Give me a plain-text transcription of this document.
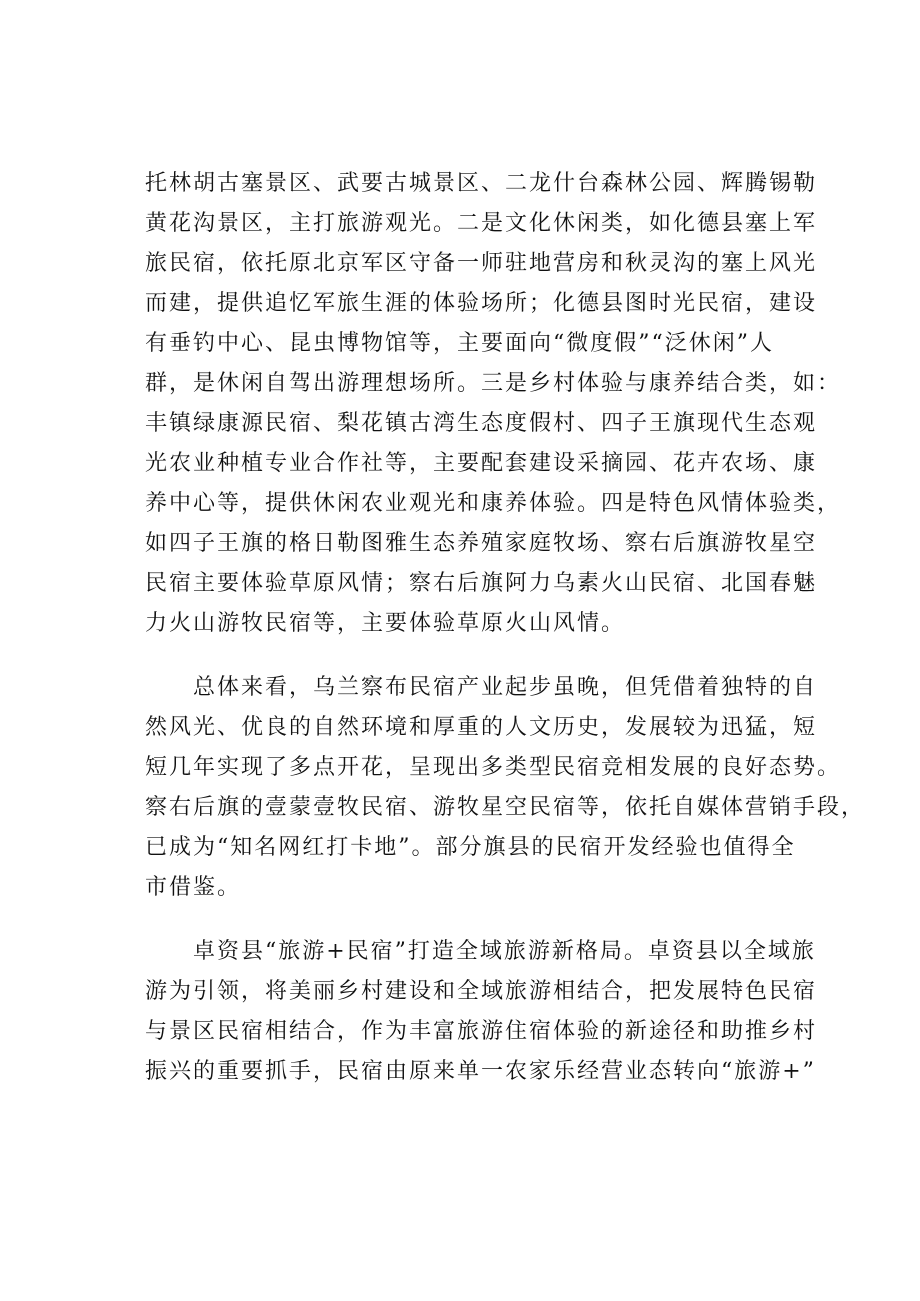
托林胡古塞景区、武要古城景区、二龙什台森林公园、辉腾锡勒
黄花沟景区，主打旅游观光。二是文化休闲类，如化德县塞上军
旅民宿，依托原北京军区守备一师驻地营房和秋灵沟的塞上风光
而建，提供追忆军旅生涯的体验场所；化德县图时光民宿，建设
有垂钓中心、昆虫博物馆等，主要面向“微度假”“泛休闲”人
群，是休闲自驾出游理想场所。三是乡村体验与康养结合类，如：
丰镇绿康源民宿、梨花镇古湾生态度假村、四子王旗现代生态观
光农业种植专业合作社等，主要配套建设采摘园、花卉农场、康
养中心等，提供休闲农业观光和康养体验。四是特色风情体验类，
如四子王旗的格日勒图雅生态养殖家庭牧场、察右后旗游牧星空
民宿主要体验草原风情；察右后旗阿力乌素火山民宿、北国春魅
力火山游牧民宿等，主要体验草原火山风情。
总体来看，乌兰察布民宿产业起步虽晚，但凭借着独特的自
然风光、优良的自然环境和厚重的人文历史，发展较为迅猛，短
短几年实现了多点开花，呈现出多类型民宿竞相发展的良好态势。
察右后旗的壹蒙壹牧民宿、游牧星空民宿等，依托自媒体营销手段，
已成为“知名网红打卡地”。部分旗县的民宿开发经验也值得全
市借鉴。
卓资县“旅游+民宿”打造全域旅游新格局。卓资县以全域旅
游为引领，将美丽乡村建设和全域旅游相结合，把发展特色民宿
与景区民宿相结合，作为丰富旅游住宿体验的新途径和助推乡村
振兴的重要抓手，民宿由原来单一农家乐经营业态转向“旅游+”
